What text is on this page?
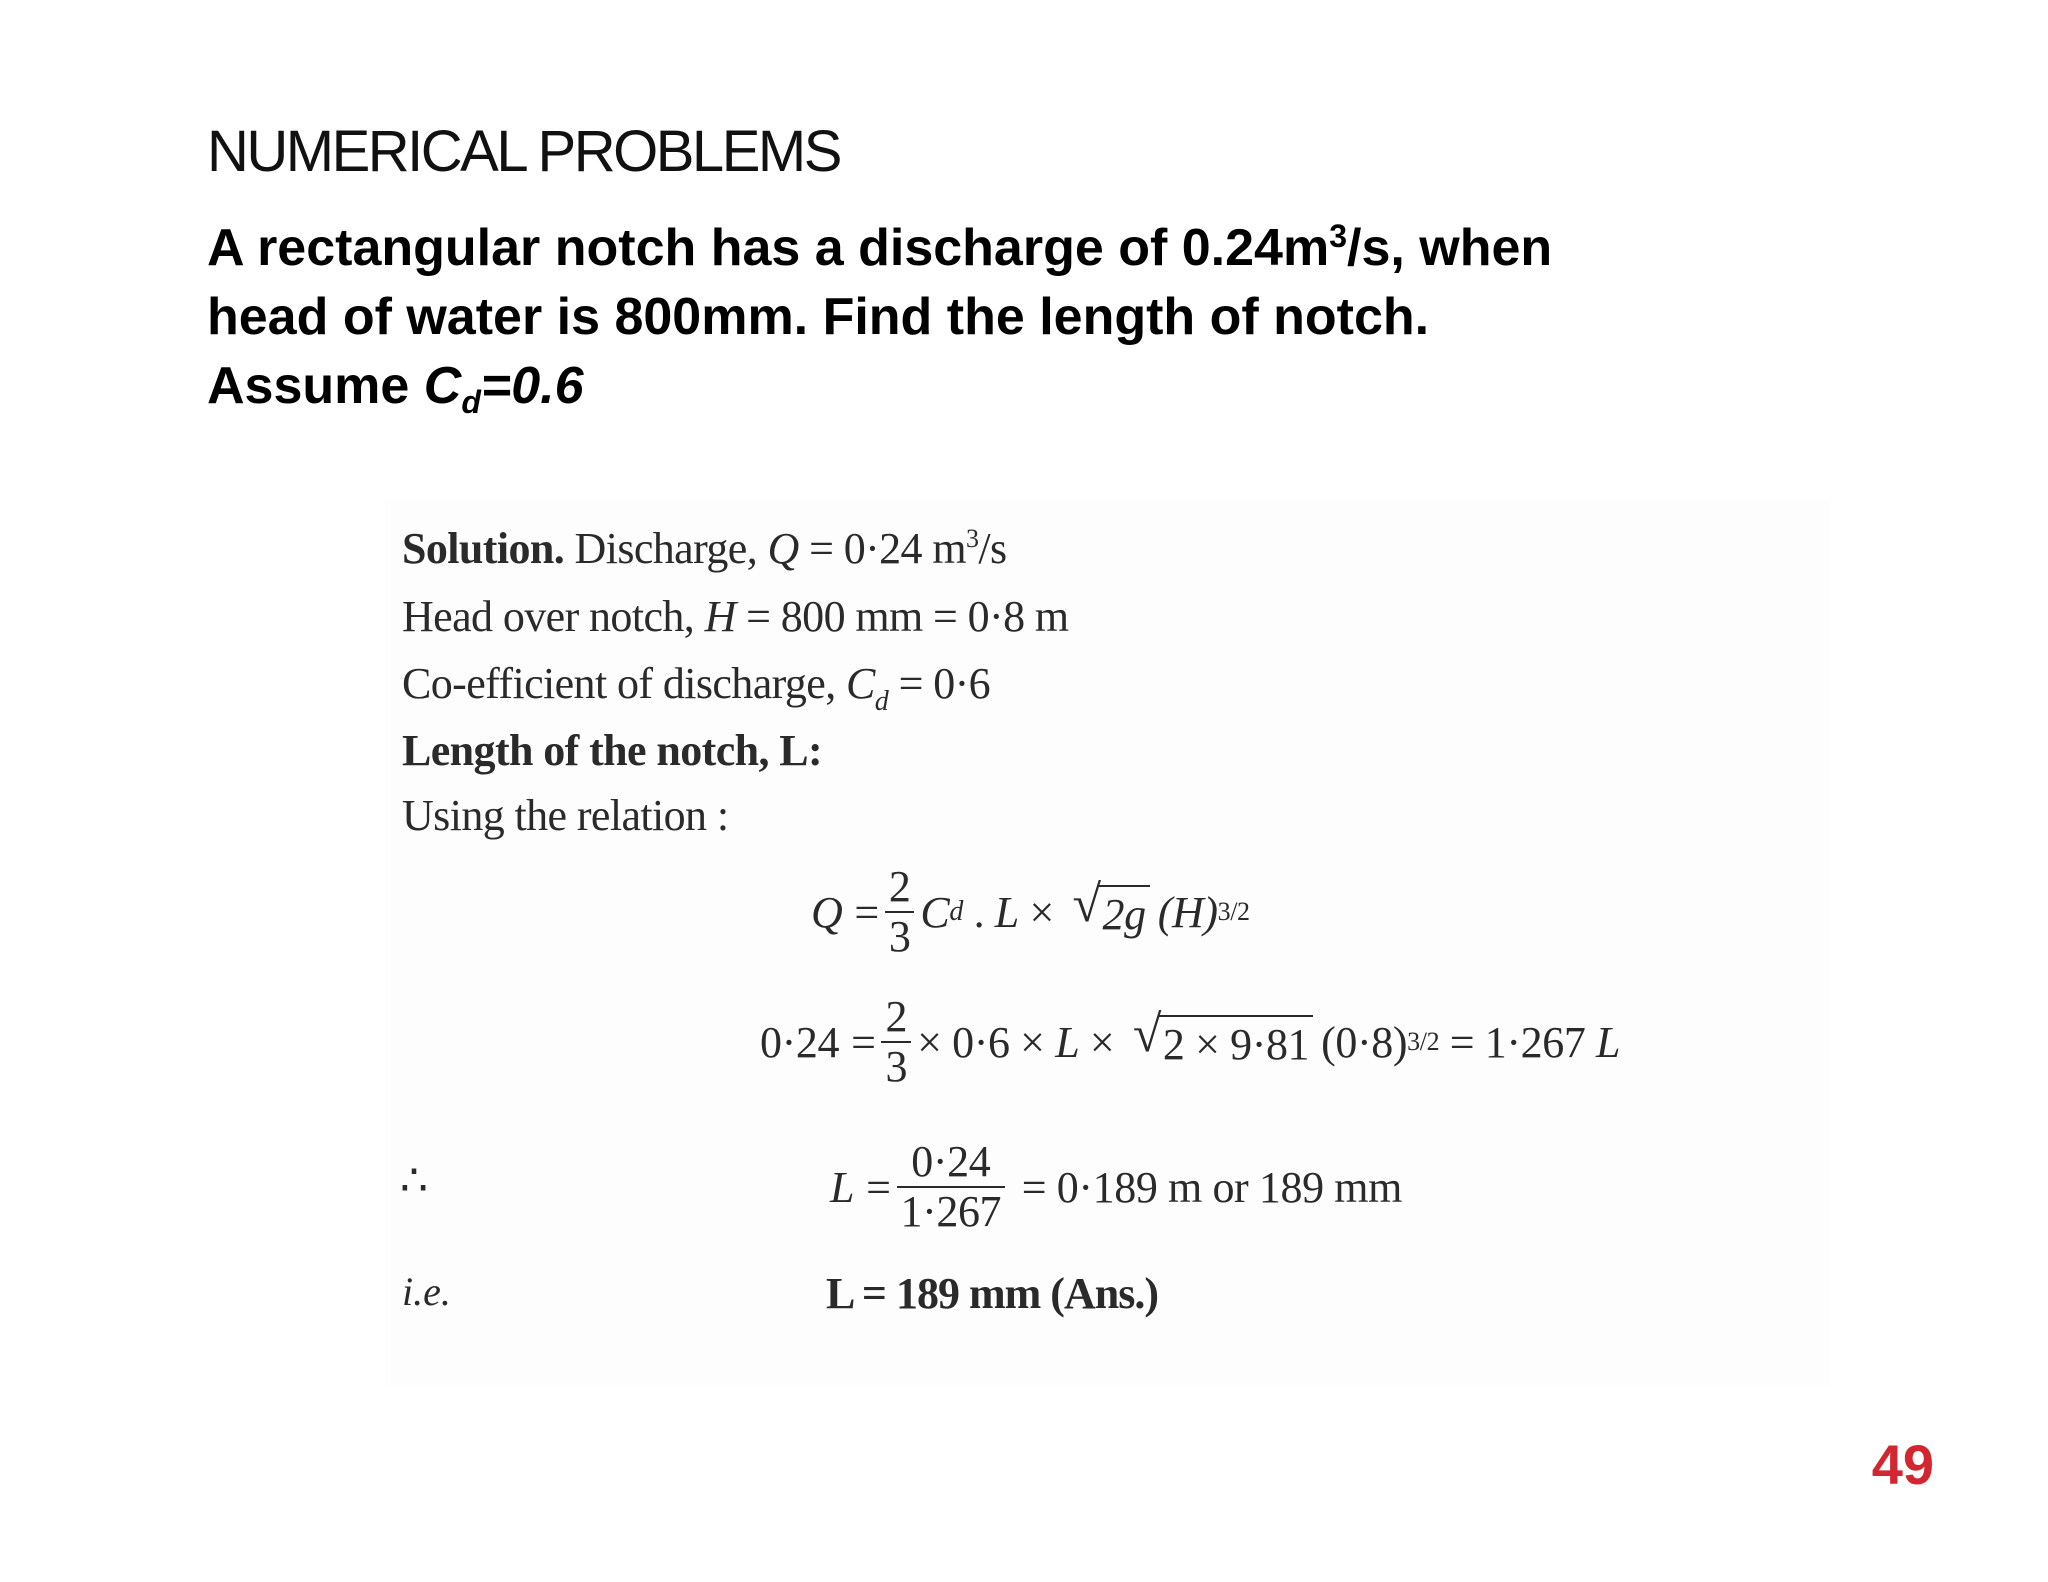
NUMERICAL PROBLEMS
A rectangular notch has a discharge of $0.24m^3/s$, when
head of water is 800mm. Find the length of notch.
Assume $C_d=0.6$
Solution. Discharge, Q = 0·24 $m^3/s$
Head over notch, H = 800 mm = 0·8 m
Co-efficient of discharge, $C_d = 0\cdot 6$
Length of the notch, L:
Using the relation :
$Q = \frac{2}{3}$ C d . L × √ 2g (H) 3/2
$0\cdot 24 = \frac{2}{3} \times 0\cdot 6 \times L$ × √ 2 × 9·81 (0·8) 3/2 = 1·267 L
∴	$L = \frac{0\cdot 24}{1\cdot 267} = 0\cdot 189$ m or 189 mm
i.e.	L = 189 mm (Ans.)
49
